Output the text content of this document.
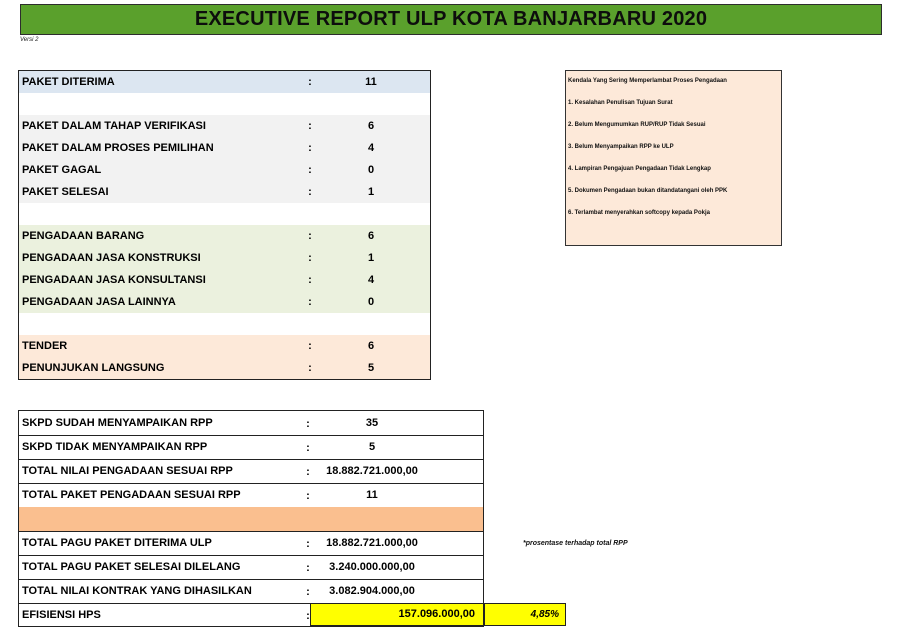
EXECUTIVE REPORT ULP KOTA BANJARBARU 2020
Versi 2
PAKET DITERIMA	:	11
PAKET DALAM TAHAP VERIFIKASI	:	6
PAKET DALAM PROSES PEMILIHAN	:	4
PAKET GAGAL	:	0
PAKET SELESAI	:	1
PENGADAAN BARANG	:	6
PENGADAAN JASA KONSTRUKSI	:	1
PENGADAAN JASA KONSULTANSI	:	4
PENGADAAN JASA LAINNYA	:	0
TENDER	:	6
PENUNJUKAN LANGSUNG	:	5
Kendala Yang Sering Memperlambat Proses Pengadaan
1. Kesalahan Penulisan Tujuan Surat
2. Belum Mengumumkan RUP/RUP Tidak Sesuai
3. Belum Menyampaikan RPP ke ULP
4. Lampiran Pengajuan Pengadaan Tidak Lengkap
5. Dokumen Pengadaan bukan ditandatangani oleh PPK
6. Terlambat menyerahkan softcopy kepada Pokja
SKPD SUDAH MENYAMPAIKAN RPP	:	35
SKPD TIDAK MENYAMPAIKAN RPP	:	5
TOTAL NILAI PENGADAAN SESUAI RPP	:	18.882.721.000,00
TOTAL PAKET PENGADAAN SESUAI RPP	:	11
TOTAL PAGU PAKET DITERIMA ULP	:	18.882.721.000,00
TOTAL PAGU PAKET SELESAI DILELANG	:	3.240.000.000,00
TOTAL NILAI KONTRAK YANG DIHASILKAN	:	3.082.904.000,00
EFISIENSI HPS	:	157.096.000,00	4,85%
*prosentase terhadap total RPP
